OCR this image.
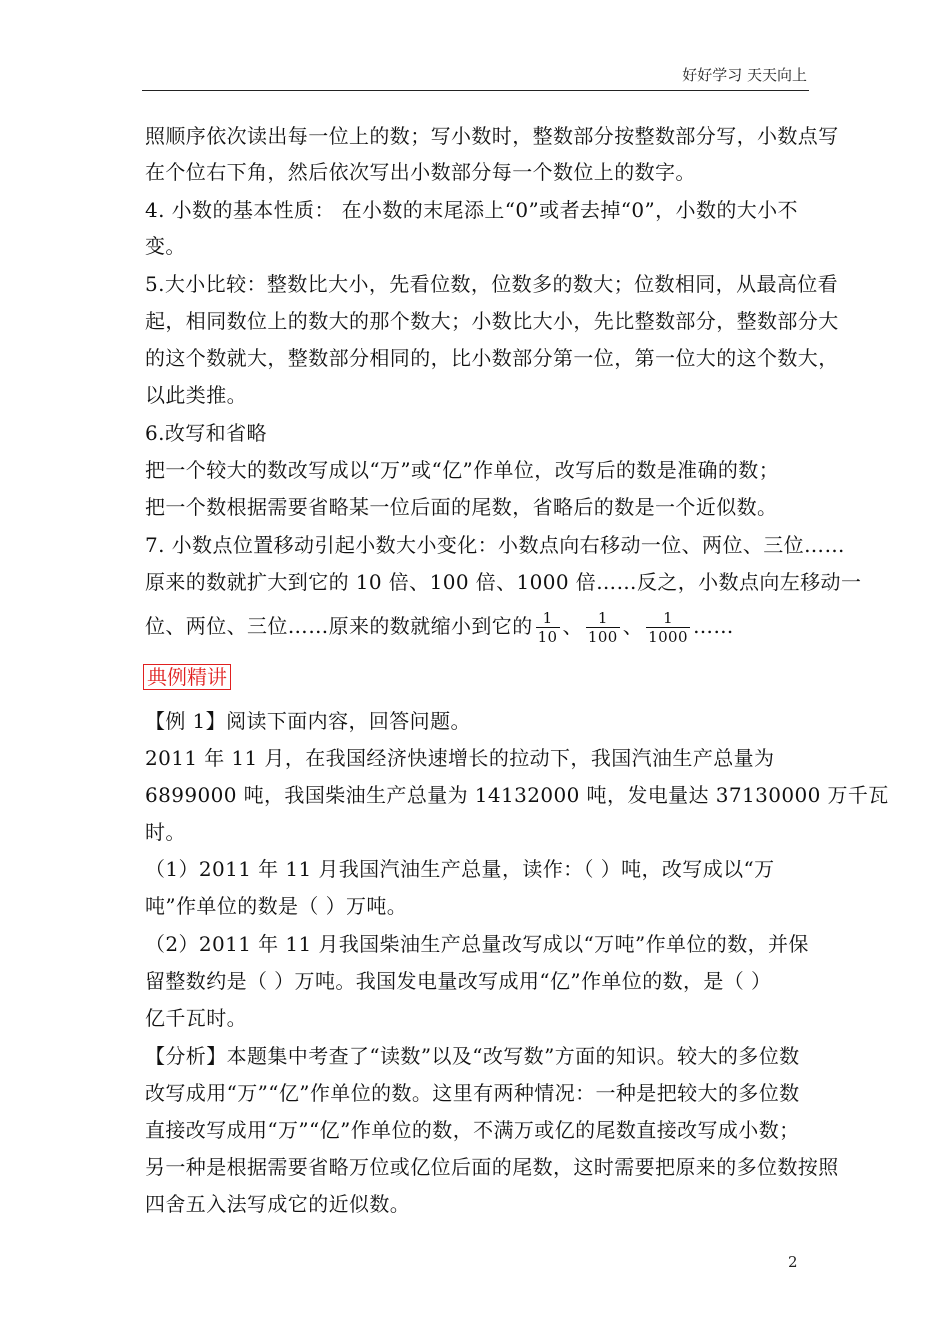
好好学习 天天向上
照顺序依次读出每一位上的数；写小数时，整数部分按整数部分写，小数点写
在个位右下角，然后依次写出小数部分每一个数位上的数字。
4. 小数的基本性质： 在小数的末尾添上“0”或者去掉“0”，小数的大小不
变。
5.大小比较：整数比大小，先看位数，位数多的数大；位数相同，从最高位看
起，相同数位上的数大的那个数大；小数比大小，先比整数部分，整数部分大
的这个数就大，整数部分相同的，比小数部分第一位，第一位大的这个数大，
以此类推。
6.改写和省略
把一个较大的数改写成以“万”或“亿”作单位，改写后的数是准确的数；
把一个数根据需要省略某一位后面的尾数，省略后的数是一个近似数。
7. 小数点位置移动引起小数大小变化：小数点向右移动一位、两位、三位……
原来的数就扩大到它的 10 倍、100 倍、1000 倍……反之，小数点向左移动一
位、两位、三位……原来的数就缩小到它的 $\frac{1}{10}$ 、 $\frac{1}{100}$ 、 $\frac{1}{1000}$ ……
典例精讲
【例 1】阅读下面内容，回答问题。
2011 年 11 月，在我国经济快速增长的拉动下，我国汽油生产总量为
6899000 吨，我国柴油生产总量为 14132000 吨，发电量达 37130000 万千瓦
时。
（1）2011 年 11 月我国汽油生产总量，读作：（ ）吨，改写成以“万
吨”作单位的数是（ ）万吨。
（2）2011 年 11 月我国柴油生产总量改写成以“万吨”作单位的数，并保
留整数约是（ ）万吨。我国发电量改写成用“亿”作单位的数，是（ ）
亿千瓦时。
【分析】本题集中考查了“读数”以及“改写数”方面的知识。较大的多位数
改写成用“万”“亿”作单位的数。这里有两种情况：一种是把较大的多位数
直接改写成用“万”“亿”作单位的数，不满万或亿的尾数直接改写成小数；
另一种是根据需要省略万位或亿位后面的尾数，这时需要把原来的多位数按照
四舍五入法写成它的近似数。
2
